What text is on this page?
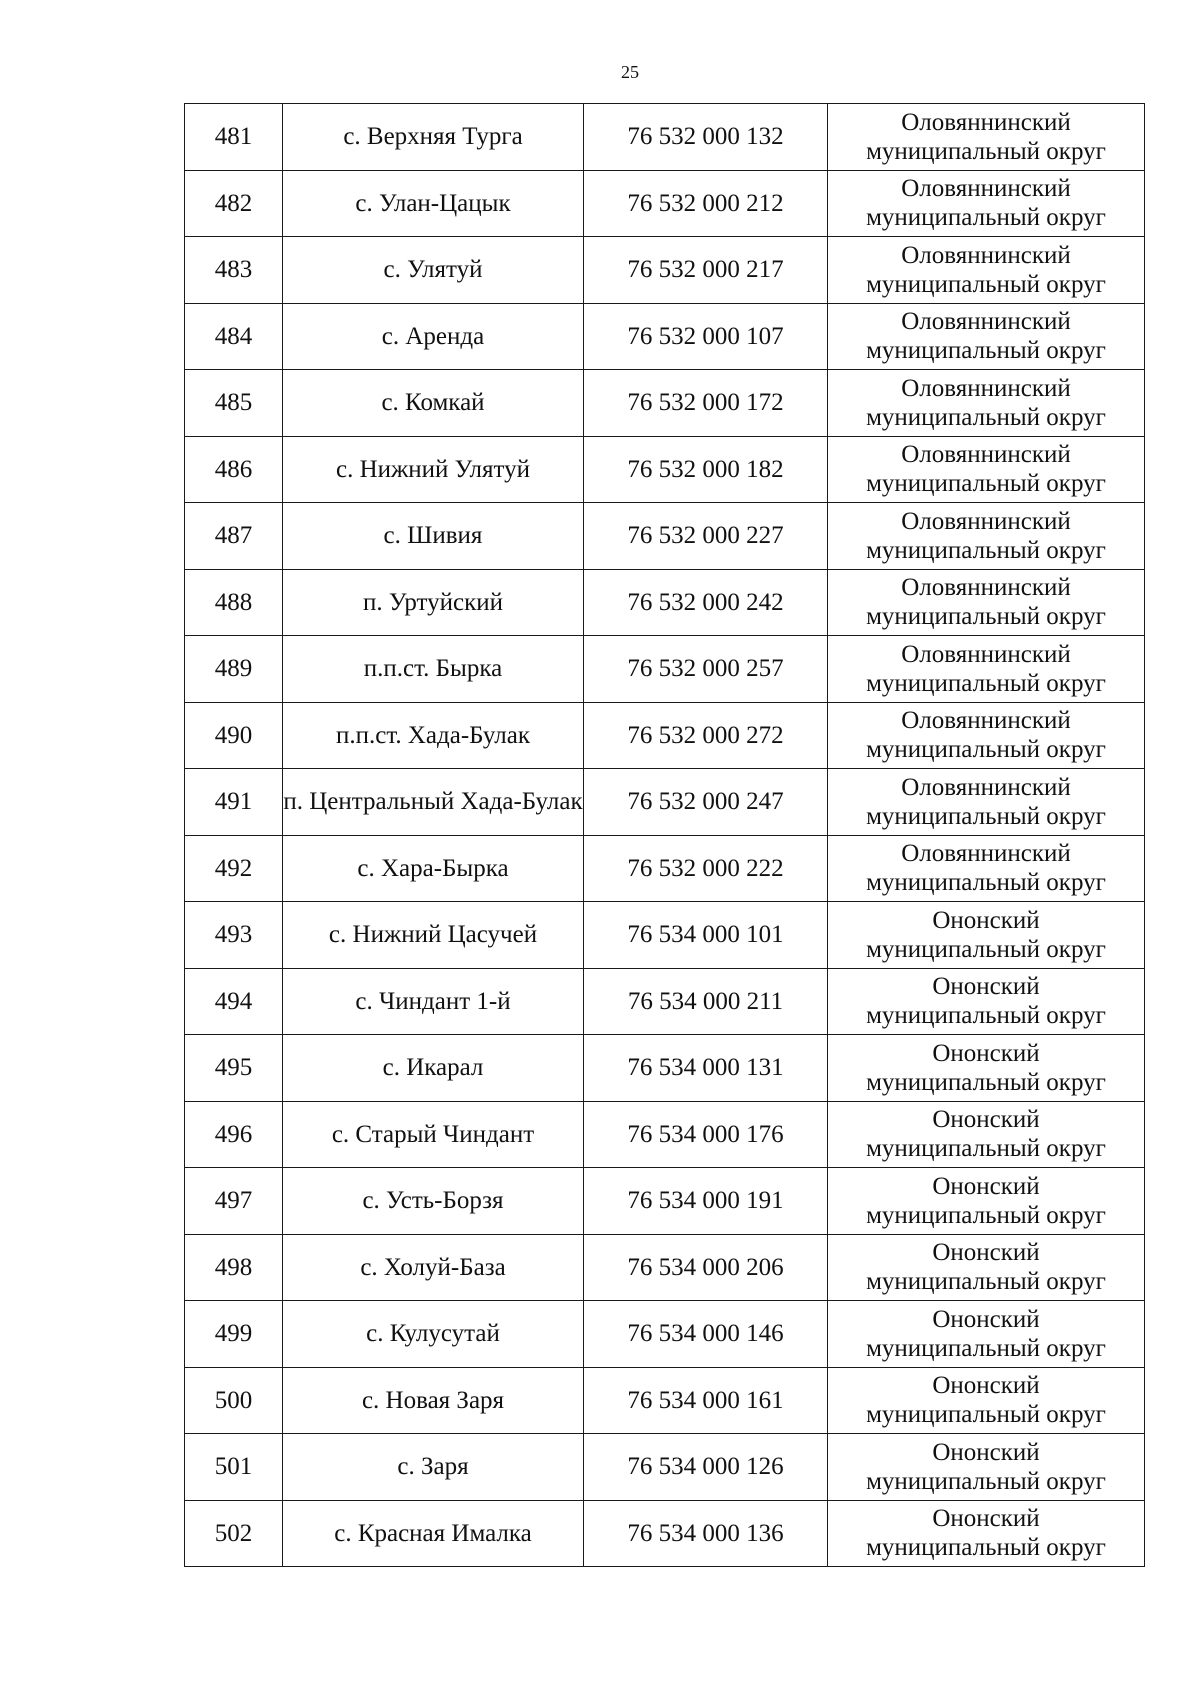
25
481	с. Верхняя Турга	76 532 000 132	Оловяннинский
муниципальный округ

482	с. Улан-Цацык	76 532 000 212	Оловяннинский
муниципальный округ

483	с. Улятуй	76 532 000 217	Оловяннинский
муниципальный округ

484	с. Аренда	76 532 000 107	Оловяннинский
муниципальный округ

485	с. Комкай	76 532 000 172	Оловяннинский
муниципальный округ

486	с. Нижний Улятуй	76 532 000 182	Оловяннинский
муниципальный округ

487	с. Шивия	76 532 000 227	Оловяннинский
муниципальный округ

488	п. Уртуйский	76 532 000 242	Оловяннинский
муниципальный округ

489	п.п.ст. Бырка	76 532 000 257	Оловяннинский
муниципальный округ

490	п.п.ст. Хада-Булак	76 532 000 272	Оловяннинский
муниципальный округ

491	п. Центральный Хада-Булак	76 532 000 247	Оловяннинский
муниципальный округ

492	с. Хара-Бырка	76 532 000 222	Оловяннинский
муниципальный округ

493	с. Нижний Цасучей	76 534 000 101	Ононский
муниципальный округ

494	с. Чиндант 1-й	76 534 000 211	Ононский
муниципальный округ

495	с. Икарал	76 534 000 131	Ононский
муниципальный округ

496	с. Старый Чиндант	76 534 000 176	Ононский
муниципальный округ

497	с. Усть-Борзя	76 534 000 191	Ононский
муниципальный округ

498	с. Холуй-База	76 534 000 206	Ононский
муниципальный округ

499	с. Кулусутай	76 534 000 146	Ононский
муниципальный округ

500	с. Новая Заря	76 534 000 161	Ононский
муниципальный округ

501	с. Заря	76 534 000 126	Ононский
муниципальный округ

502	с. Красная Ималка	76 534 000 136	Ононский
муниципальный округ
